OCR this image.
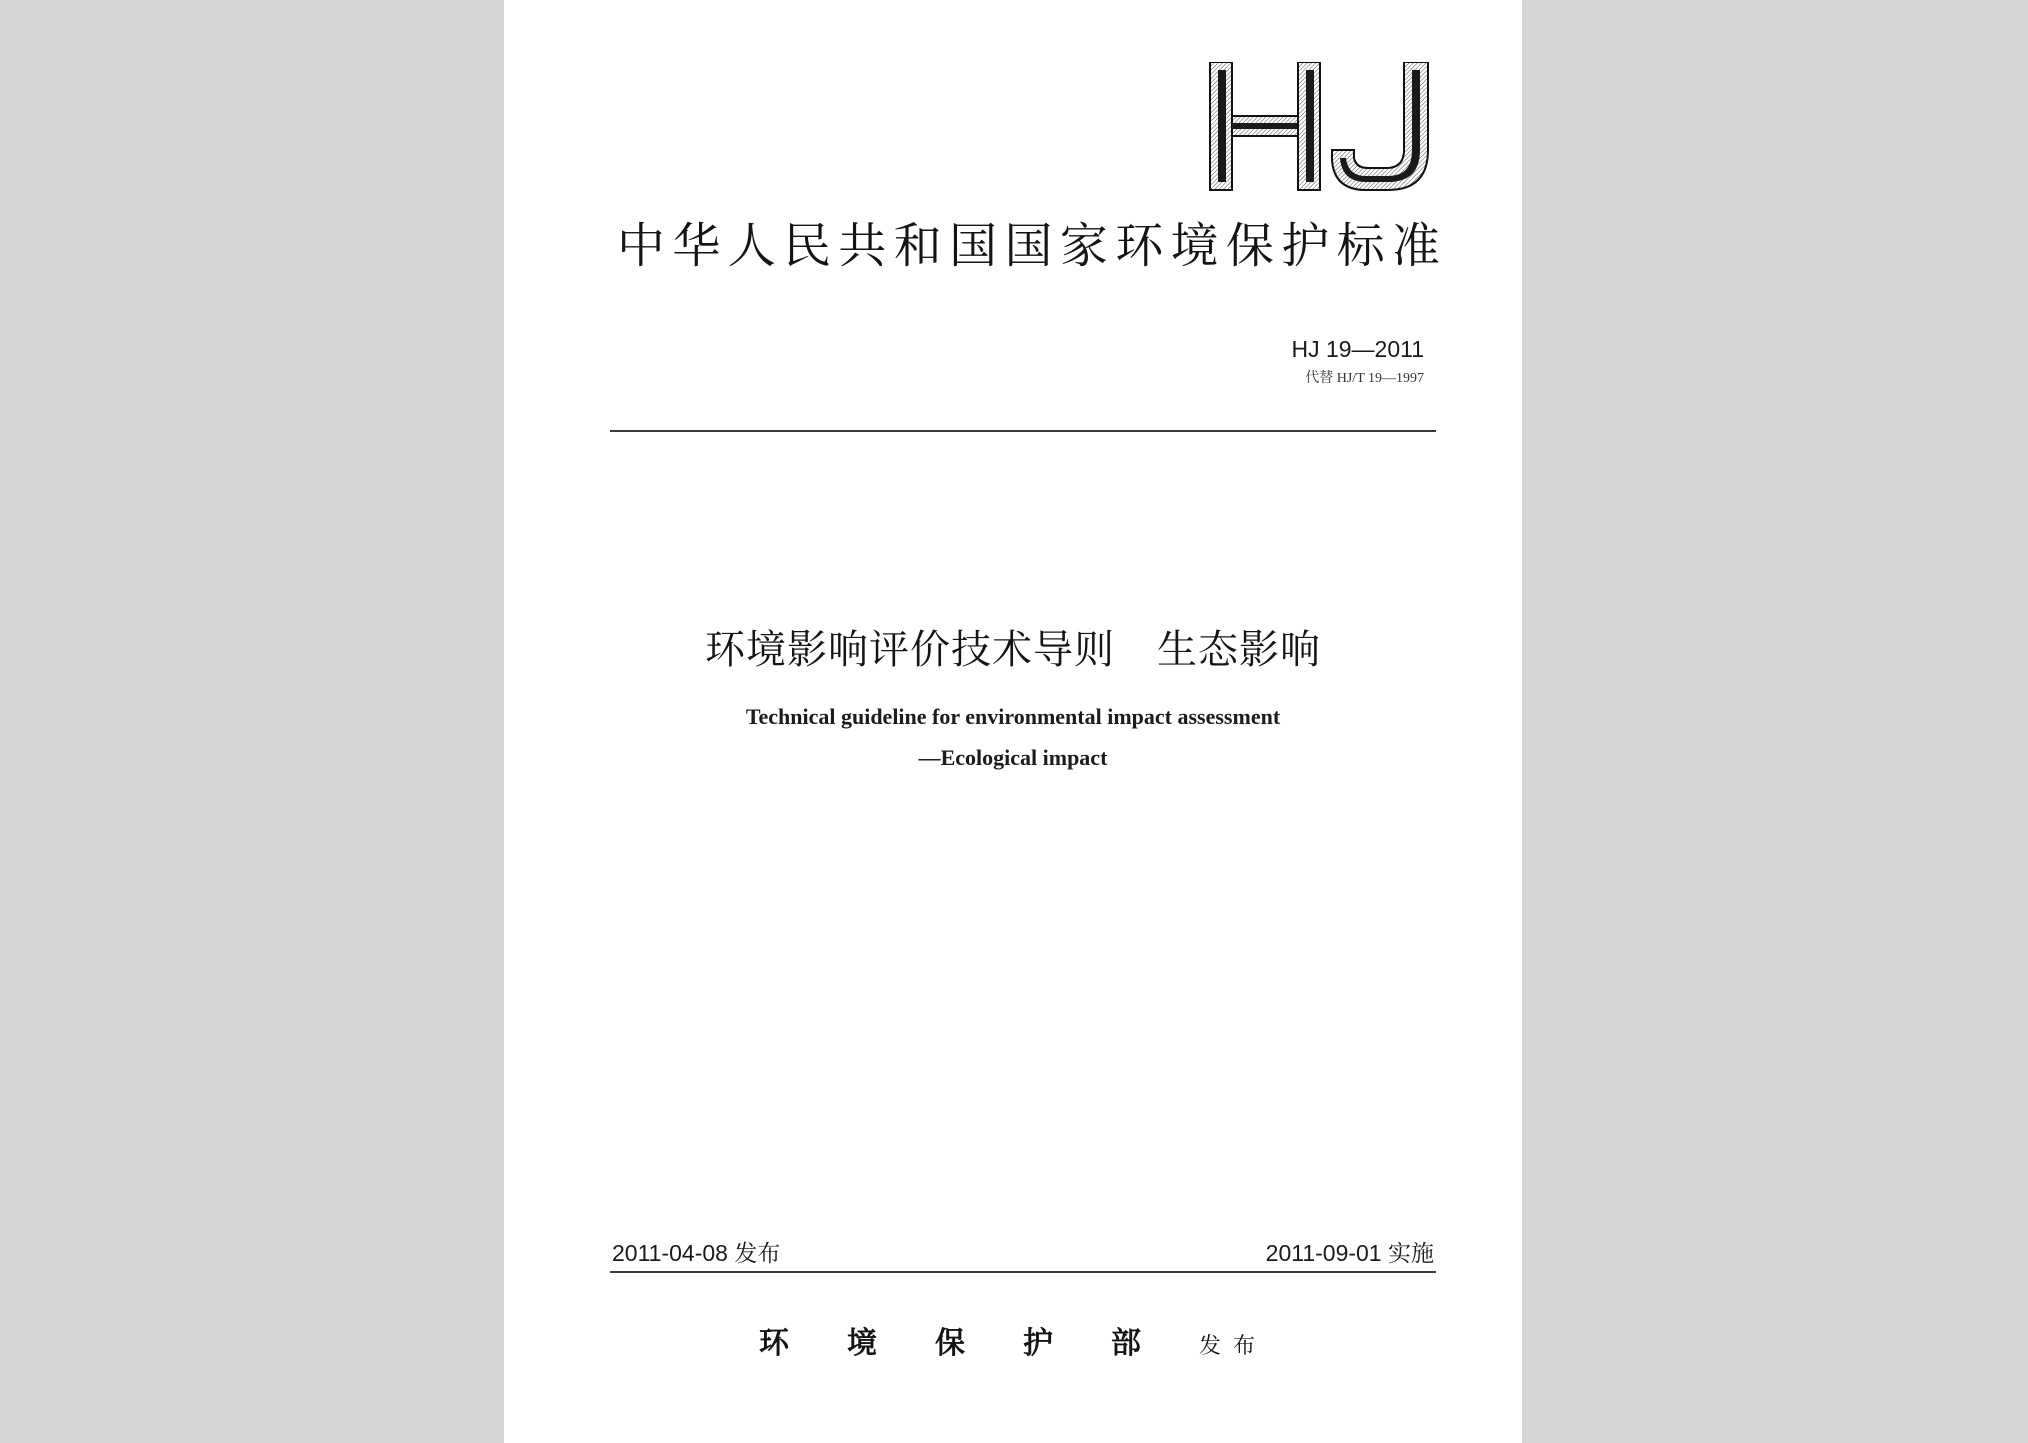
中华人民共和国国家环境保护标准

HJ 19—2011

代替 HJ/T 19—1997

环境影响评价技术导则 生态影响

Technical guideline for environmental impact assessment

—Ecological impact

2011-04-08 发布	2011-09-01 实施

环境保护部发布
